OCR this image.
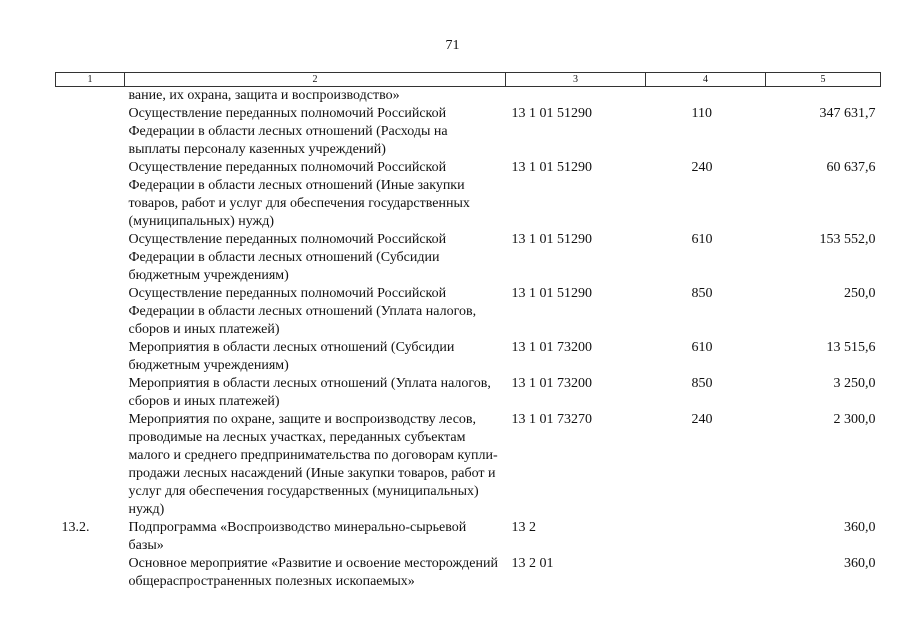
71
1	2	3	4	5
	вание, их охрана, защита и воспроизводство»			
	Осуществление переданных полномочий Российской Федерации в области лесных отношений (Расходы на выплаты персоналу казенных учреждений)	13 1 01 51290	110	347 631,7
	Осуществление переданных полномочий Российской Федерации в области лесных отношений (Иные закупки товаров, работ и услуг для обеспечения государственных (муниципальных) нужд)	13 1 01 51290	240	60 637,6
	Осуществление переданных полномочий Российской Федерации в области лесных отношений (Субсидии бюджетным учреждениям)	13 1 01 51290	610	153 552,0
	Осуществление переданных полномочий Российской Федерации в области лесных отношений (Уплата налогов, сборов и иных платежей)	13 1 01 51290	850	250,0
	Мероприятия в области лесных отношений (Субсидии бюджетным учреждениям)	13 1 01 73200	610	13 515,6
	Мероприятия в области лесных отношений (Уплата налогов, сборов и иных платежей)	13 1 01 73200	850	3 250,0
	Мероприятия по охране, защите и воспроизводству лесов, проводимые на лесных участках, переданных субъектам малого и среднего предпринимательства по договорам купли-продажи лесных насаждений (Иные закупки товаров, работ и услуг для обеспечения государственных (муниципальных) нужд)	13 1 01 73270	240	2 300,0
13.2.	Подпрограмма «Воспроизводство минерально-сырьевой базы»	13 2		360,0
	Основное мероприятие «Развитие и освоение месторождений общераспространенных полезных ископаемых»	13 2 01		360,0
